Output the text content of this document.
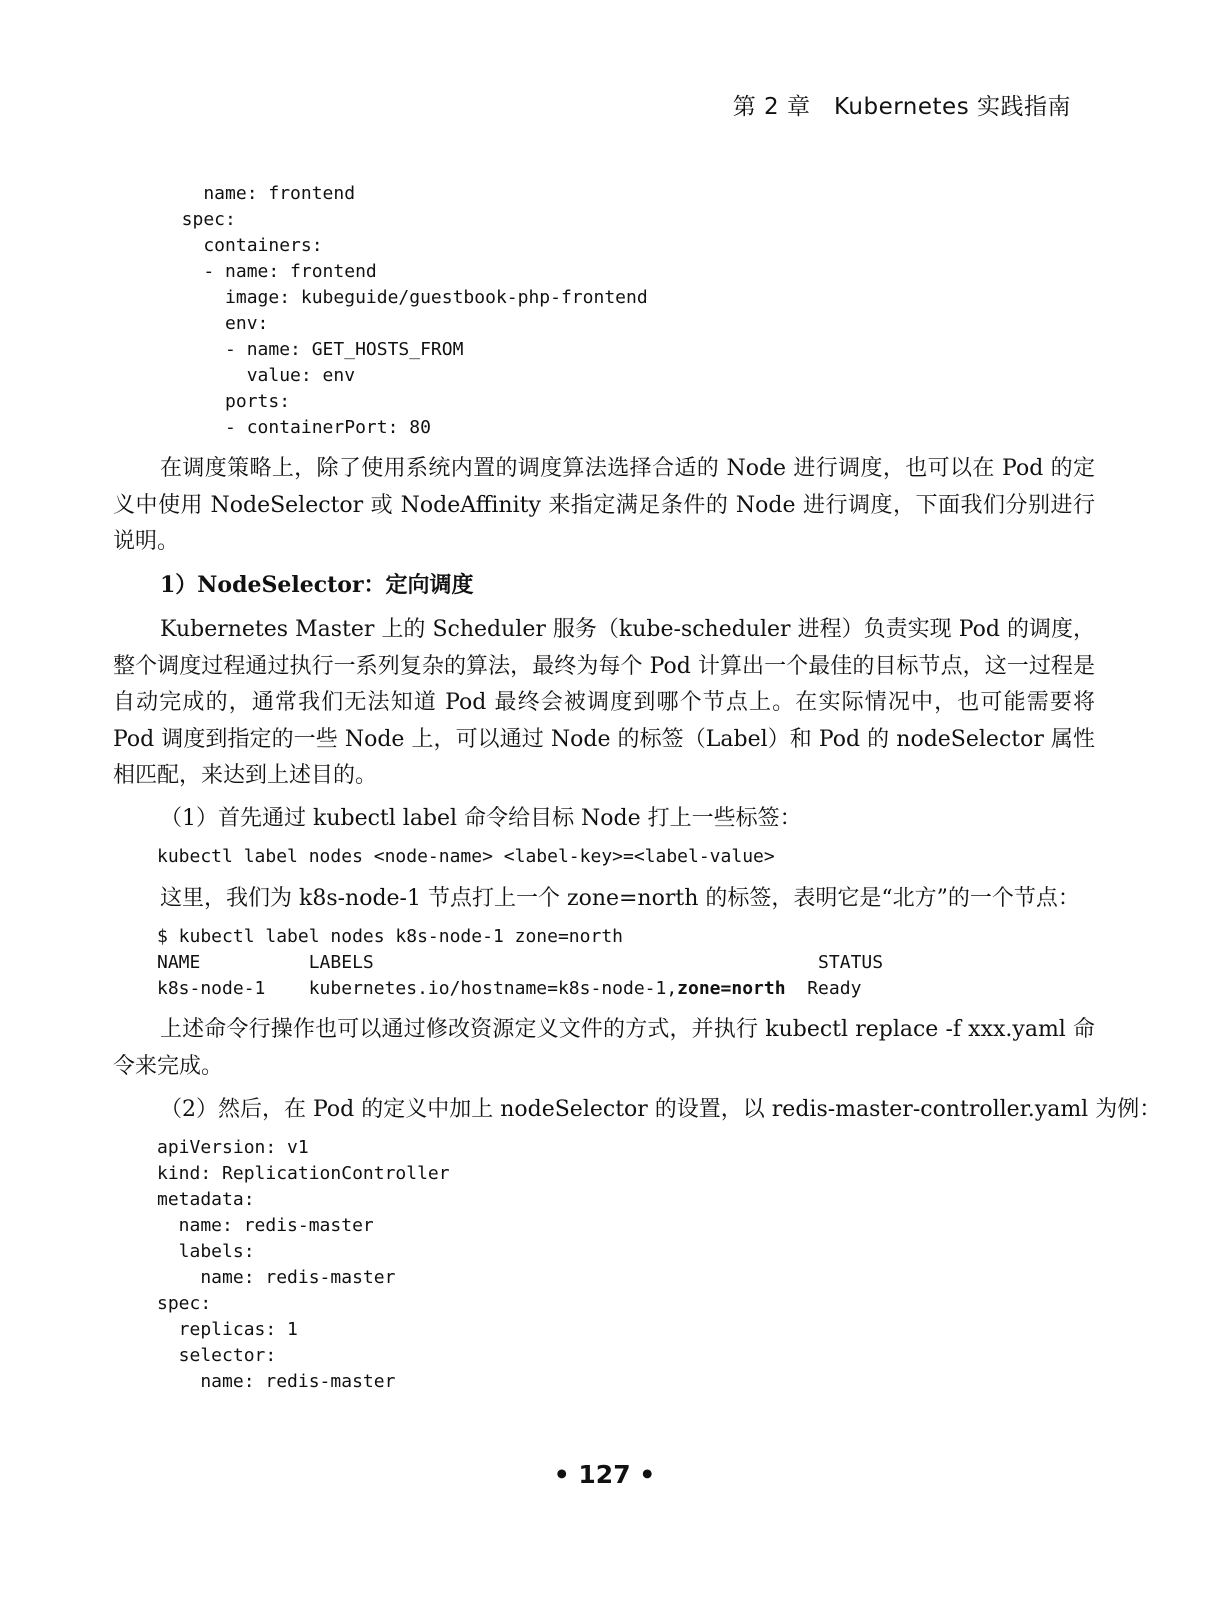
第 2 章　Kubernetes 实践指南
name: frontend
spec:
containers:
- name: frontend
image: kubeguide/guestbook-php-frontend
env:
- name: GET_HOSTS_FROM
value: env
ports:
- containerPort: 80

在调度策略上，除了使用系统内置的调度算法选择合适的 Node 进行调度，也可以在 Pod 的定义中使用 NodeSelector 或 NodeAffinity 来指定满足条件的 Node 进行调度，下面我们分别进行说明。

1）NodeSelector：定向调度

Kubernetes Master 上的 Scheduler 服务（kube-scheduler 进程）负责实现 Pod 的调度，整个调度过程通过执行一系列复杂的算法，最终为每个 Pod 计算出一个最佳的目标节点，这一过程是自动完成的，通常我们无法知道 Pod 最终会被调度到哪个节点上。在实际情况中，也可能需要将 Pod 调度到指定的一些 Node 上，可以通过 Node 的标签（Label）和 Pod 的 nodeSelector 属性相匹配，来达到上述目的。

（1）首先通过 kubectl label 命令给目标 Node 打上一些标签：

kubectl label nodes <node-name> <label-key>=<label-value>

这里，我们为 k8s-node-1 节点打上一个 zone=north 的标签，表明它是“北方”的一个节点：

$ kubectl label nodes k8s-node-1 zone=north
NAME          LABELS                                         STATUS
k8s-node-1    kubernetes.io/hostname=k8s-node-1,zone=north  Ready

上述命令行操作也可以通过修改资源定义文件的方式，并执行 kubectl replace -f xxx.yaml 命令来完成。

（2）然后，在 Pod 的定义中加上 nodeSelector 的设置，以 redis-master-controller.yaml 为例：

apiVersion: v1
kind: ReplicationController
metadata:
name: redis-master
labels:
name: redis-master
spec:
replicas: 1
selector:
name: redis-master
• 127 •
